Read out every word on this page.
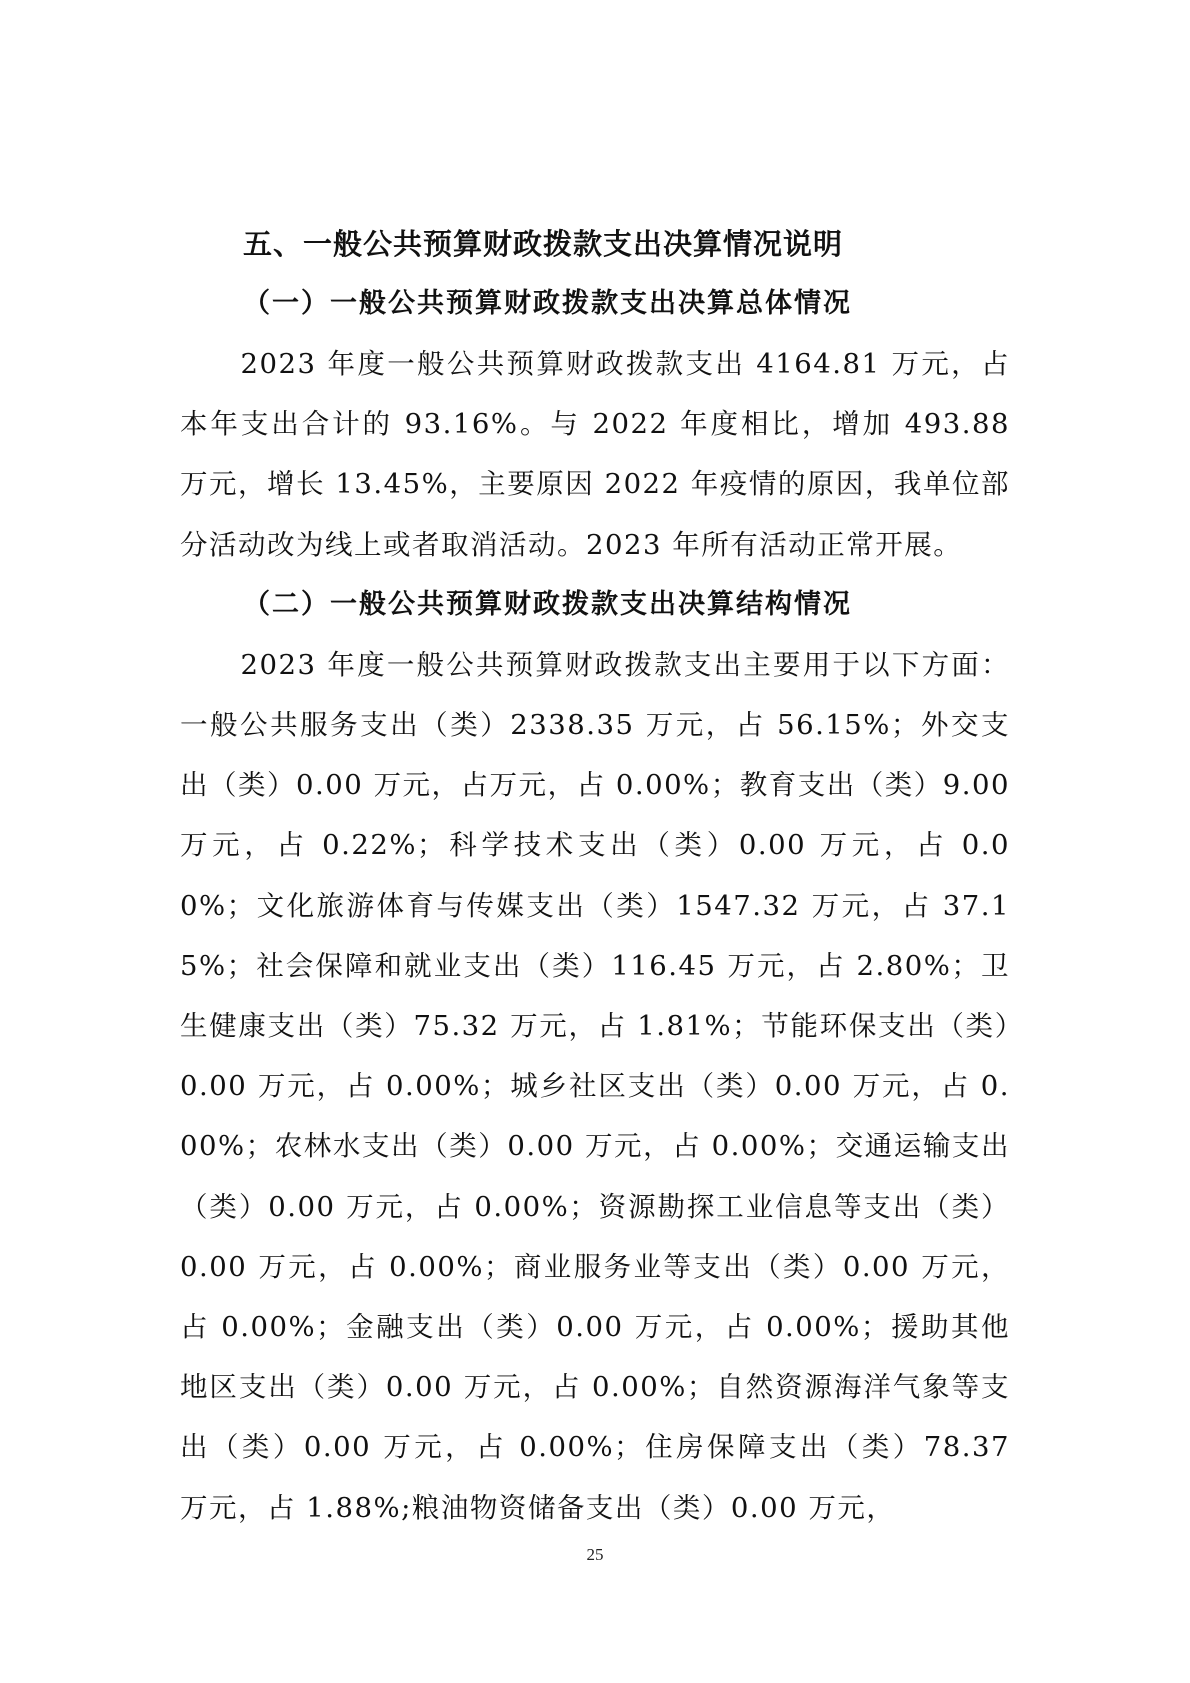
五、一般公共预算财政拨款支出决算情况说明
（一）一般公共预算财政拨款支出决算总体情况

2023 年度一般公共预算财政拨款支出 4164.81 万元，占本年支出合计的 93.16%。与 2022 年度相比，增加 493.88 万元，增长 13.45%，主要原因 2022 年疫情的原因，我单位部分活动改为线上或者取消活动。2023 年所有活动正常开展。

（二）一般公共预算财政拨款支出决算结构情况

2023 年度一般公共预算财政拨款支出主要用于以下方面：一般公共服务支出（类）2338.35 万元，占 56.15%；外交支出（类）0.00 万元，占万元，占 0.00%；教育支出（类）9.00 万元，占 0.22%；科学技术支出（类）0.00 万元，占 0.00%；文化旅游体育与传媒支出（类）1547.32 万元，占 37.15%；社会保障和就业支出（类）116.45 万元，占 2.80%；卫生健康支出（类）75.32 万元，占 1.81%；节能环保支出（类）0.00 万元，占 0.00%；城乡社区支出（类）0.00 万元，占 0.00%；农林水支出（类）0.00 万元，占 0.00%；交通运输支出（类）0.00 万元，占 0.00%；资源勘探工业信息等支出（类）0.00 万元，占 0.00%；商业服务业等支出（类）0.00 万元，占 0.00%；金融支出（类）0.00 万元，占 0.00%；援助其他地区支出（类）0.00 万元，占 0.00%；自然资源海洋气象等支出（类）0.00 万元，占 0.00%；住房保障支出（类）78.37 万元，占 1.88%;粮油物资储备支出（类）0.00 万元，

25
